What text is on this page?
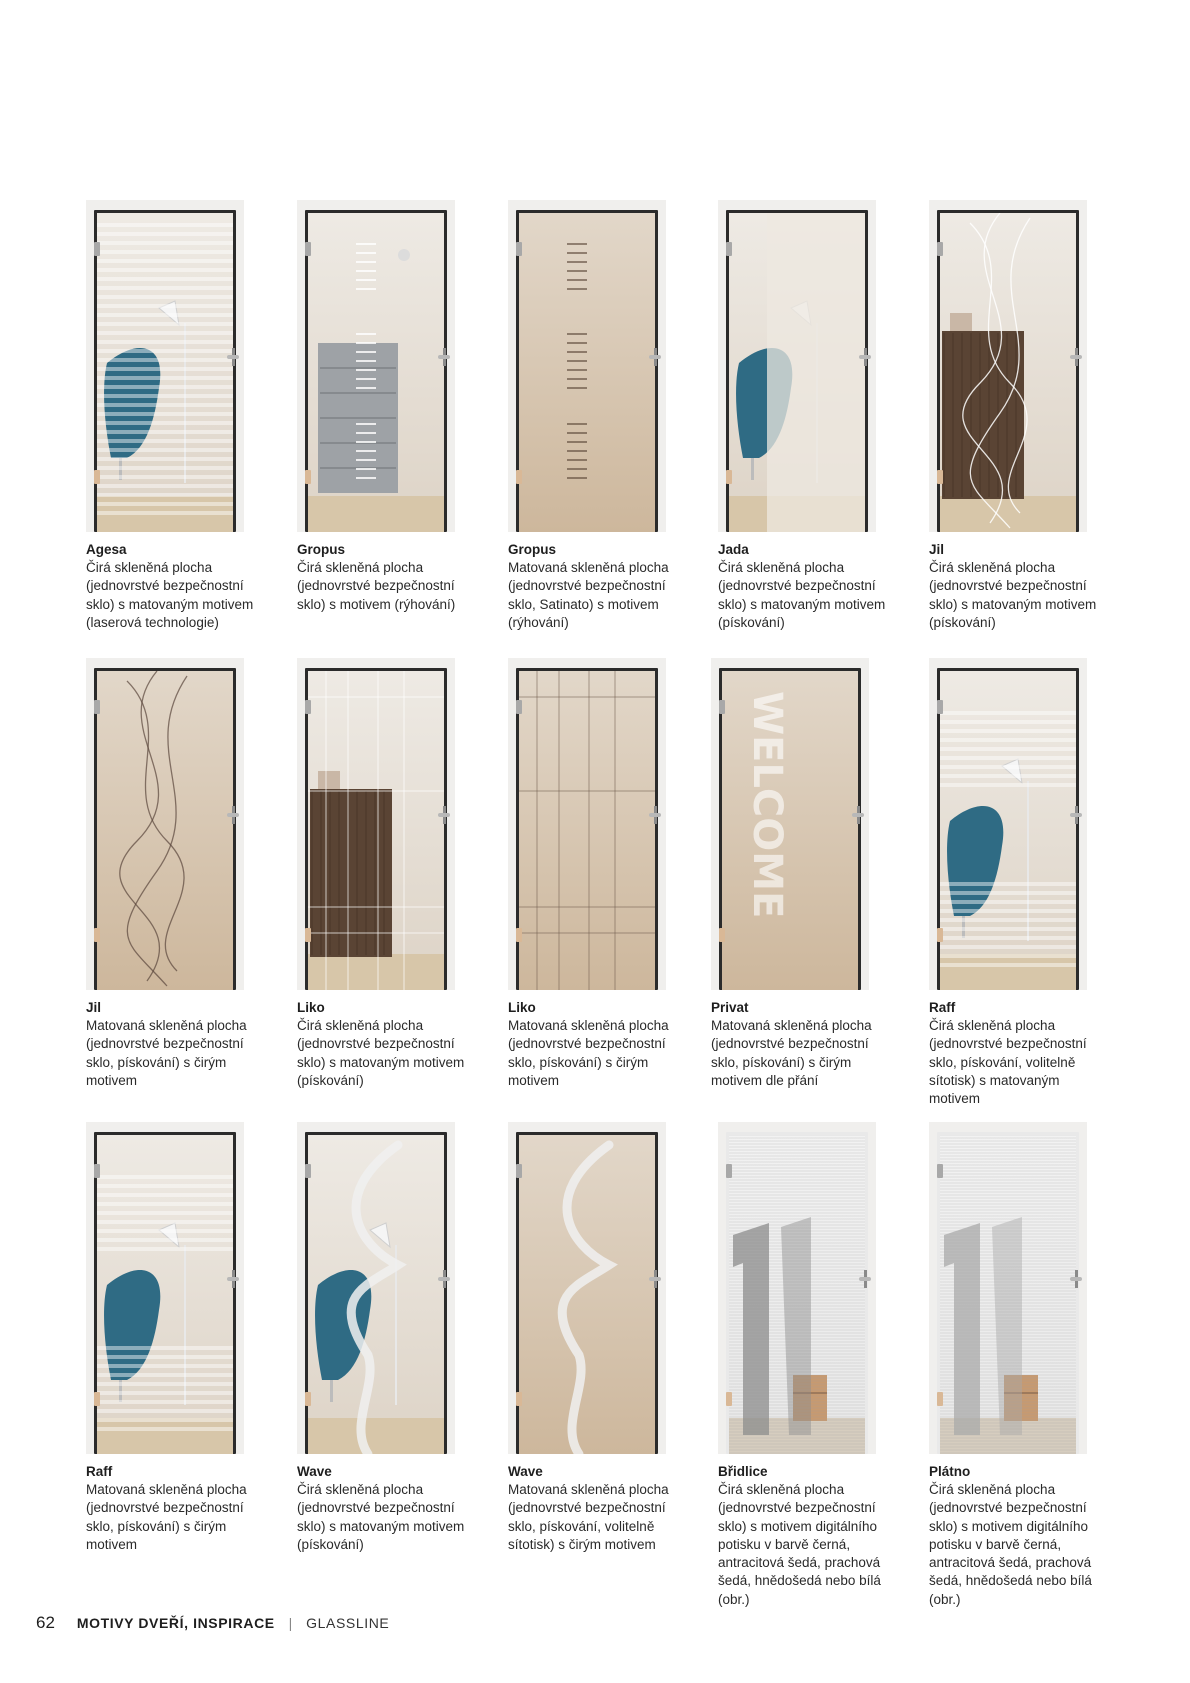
Agesa
Čirá skleněná plocha (jednovrstvé bezpečnostní sklo) s matovaným motivem (laserová technologie)
Gropus
Čirá skleněná plocha (jednovrstvé bezpečnostní sklo) s motivem (rýhování)
Gropus
Matovaná skleněná plocha (jednovrstvé bezpečnostní sklo, Satinato) s motivem (rýhování)
Jada
Čirá skleněná plocha (jednovrstvé bezpečnostní sklo) s matovaným motivem (pískování)
Jil
Čirá skleněná plocha (jednovrstvé bezpečnostní sklo) s matovaným motivem (pískování)
Jil
Matovaná skleněná plocha (jednovrstvé bezpečnostní sklo, pískování) s čirým motivem
Liko
Čirá skleněná plocha (jednovrstvé bezpečnostní sklo) s matovaným motivem (pískování)
Liko
Matovaná skleněná plocha (jednovrstvé bezpečnostní sklo, pískování) s čirým motivem
WELCOME
Privat
Matovaná skleněná plocha (jednovrstvé bezpečnostní sklo, pískování) s čirým motivem dle přání
Raff
Čirá skleněná plocha (jednovrstvé bezpečnostní sklo, pískování, volitelně sítotisk) s matovaným motivem
Raff
Matovaná skleněná plocha (jednovrstvé bezpečnostní sklo, pískování) s čirým motivem
Wave
Čirá skleněná plocha (jednovrstvé bezpečnostní sklo) s matovaným motivem (pískování)
Wave
Matovaná skleněná plocha (jednovrstvé bezpečnostní sklo, pískování, volitelně sítotisk) s čirým motivem
Břidlice
Čirá skleněná plocha (jednovrstvé bezpečnostní sklo) s motivem digitálního potisku v barvě černá, antracitová šedá, prachová šedá, hnědošedá nebo bílá (obr.)
Plátno
Čirá skleněná plocha (jednovrstvé bezpečnostní sklo) s motivem digitálního potisku v barvě černá, antracitová šedá, prachová šedá, hnědošedá nebo bílá (obr.)
62 MOTIVY DVEŘÍ, INSPIRACE | GLASSLINE
